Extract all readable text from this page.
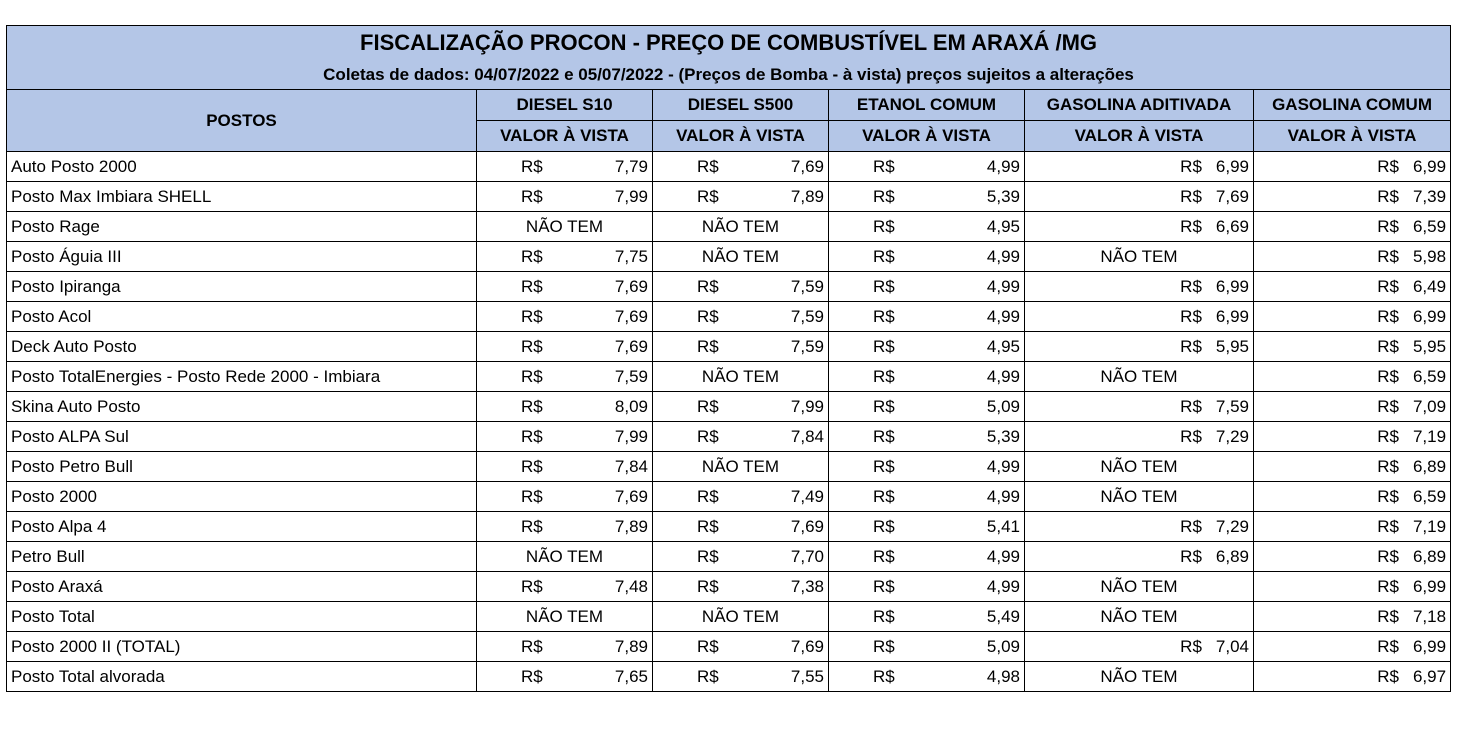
FISCALIZAÇÃO PROCON - PREÇO DE COMBUSTÍVEL EM ARAXÁ /MG					
Coletas de dados: 04/07/2022 e 05/07/2022 - (Preços de Bomba - à vista) preços sujeitos a alterações					
POSTOS	DIESEL S10	DIESEL S500	ETANOL COMUM	GASOLINA ADITIVADA	GASOLINA COMUM
	VALOR À VISTA	VALOR À VISTA	VALOR À VISTA	VALOR À VISTA	VALOR À VISTA
Auto Posto 2000	R$ 7,79	R$ 7,69	R$ 4,99	R$ 6,99	R$ 6,99

Posto Max Imbiara SHELL	R$ 7,99	R$ 7,89	R$ 5,39	R$ 7,69	R$ 7,39

Posto Rage	NÃO TEM	NÃO TEM	R$ 4,95	R$ 6,69	R$ 6,59

Posto Águia III	R$ 7,75	NÃO TEM	R$ 4,99	NÃO TEM	R$ 5,98

Posto Ipiranga	R$ 7,69	R$ 7,59	R$ 4,99	R$ 6,99	R$ 6,49

Posto Acol	R$ 7,69	R$ 7,59	R$ 4,99	R$ 6,99	R$ 6,99

Deck Auto Posto	R$ 7,69	R$ 7,59	R$ 4,95	R$ 5,95	R$ 5,95

Posto TotalEnergies - Posto Rede 2000 - Imbiara	R$ 7,59	NÃO TEM	R$ 4,99	NÃO TEM	R$ 6,59

Skina Auto Posto	R$ 8,09	R$ 7,99	R$ 5,09	R$ 7,59	R$ 7,09

Posto ALPA Sul	R$ 7,99	R$ 7,84	R$ 5,39	R$ 7,29	R$ 7,19

Posto Petro Bull	R$ 7,84	NÃO TEM	R$ 4,99	NÃO TEM	R$ 6,89

Posto 2000	R$ 7,69	R$ 7,49	R$ 4,99	NÃO TEM	R$ 6,59

Posto Alpa 4	R$ 7,89	R$ 7,69	R$ 5,41	R$ 7,29	R$ 7,19

Petro Bull	NÃO TEM	R$ 7,70	R$ 4,99	R$ 6,89	R$ 6,89

Posto Araxá	R$ 7,48	R$ 7,38	R$ 4,99	NÃO TEM	R$ 6,99

Posto Total	NÃO TEM	NÃO TEM	R$ 5,49	NÃO TEM	R$ 7,18

Posto 2000 II (TOTAL)	R$ 7,89	R$ 7,69	R$ 5,09	R$ 7,04	R$ 6,99

Posto Total alvorada	R$ 7,65	R$ 7,55	R$ 4,98	NÃO TEM	R$ 6,97
